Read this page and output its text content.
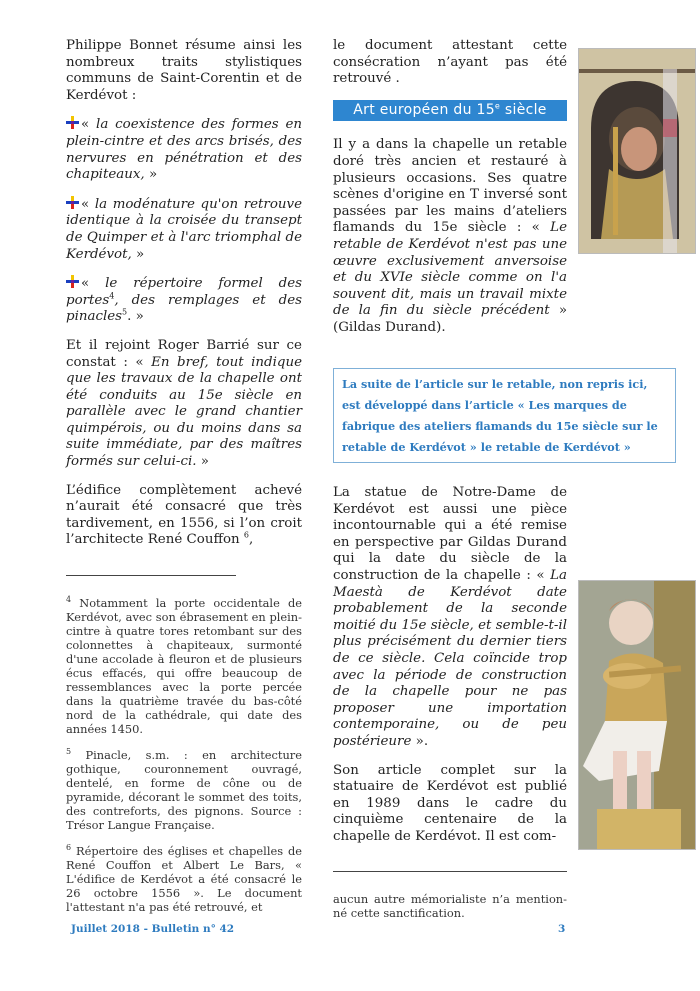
Philippe Bonnet résume ainsi les nombreux traits stylistiques communs de Saint-Corentin et de Kerdévot :

« la coexistence des formes en plein-cintre et des arcs brisés, des nervures en pénétration et des chapiteaux, »

« la modénature qu'on retrouve identique à la croisée du transept de Quimper et à l'arc triomphal de Kerdévot, »

« le répertoire formel des portes$^4$, des remplages et des pinacles$^5$. »

Et il rejoint Roger Barrié sur ce constat : « En bref, tout indique que les travaux de la chapelle ont été conduits au 15e siècle en parallèle avec le grand chantier quimpérois, ou du moins dans sa suite immédiate, par des maîtres formés sur celui-ci. »

L’édifice complètement achevé n’aurait été consacré que très tardivement, en 1556, si l’on croit l’architecte René Couffon $^6$,

$^4$ Notamment la porte occidentale de Kerdévot, avec son ébrasement en plein-cintre à quatre tores retombant sur des colonnettes à chapiteaux, surmonté d'une accolade à fleuron et de plusieurs écus effacés, qui offre beaucoup de ressemblances avec la porte percée dans la quatrième travée du bas-côté nord de la cathédrale, qui date des années 1450.

$^5$ Pinacle, s.m. : en architecture gothique, couronnement ouvragé, dentelé, en forme de cône ou de pyramide, décorant le sommet des toits, des contreforts, des pignons. Source : Trésor Langue Française.

$^6$ Répertoire des églises et chapelles de René Couffon et Albert Le Bars, « L'édifice de Kerdévot a été consacré le 26 octobre 1556 ». Le document l'attestant n'a pas été retrouvé, et

le document attestant cette consécration n’ayant pas été retrouvé .

Art européen du 15e siècle

Il y a dans la chapelle un retable doré très ancien et restauré à plusieurs occasions. Ses quatre scènes d'origine en T inversé sont passées par les mains d’ateliers flamands du 15e siècle : « Le retable de Kerdévot n'est pas une œuvre exclusivement anversoise et du XVIe siècle comme on l'a souvent dit, mais un travail mixte de la fin du siècle précédent » (Gildas Durand).

La suite de l’article sur le retable, non repris ici, est développé dans l’article « Les marques de fabrique des ateliers flamands du 15e siècle sur le retable de Kerdévot » le retable de Kerdévot »

La statue de Notre-Dame de Kerdévot est aussi une pièce incontournable qui a été remise en perspective par Gildas Durand qui la date du siècle de la construction de la chapelle : « La Maestà de Kerdévot date probablement de la seconde moitié du 15e siècle, et semble-t-il plus précisément du dernier tiers de ce siècle. Cela coïncide trop avec la période de construction de la chapelle pour ne pas proposer une importation contemporaine, ou de peu postérieure ».

Son article complet sur la statuaire de Kerdévot est publié en 1989 dans le cadre du cinquième centenaire de la chapelle de Kerdévot. Il est com-

aucun autre mémorialiste n’a mention-né cette sanctification.

Juillet 2018 - Bulletin n° 42	3
